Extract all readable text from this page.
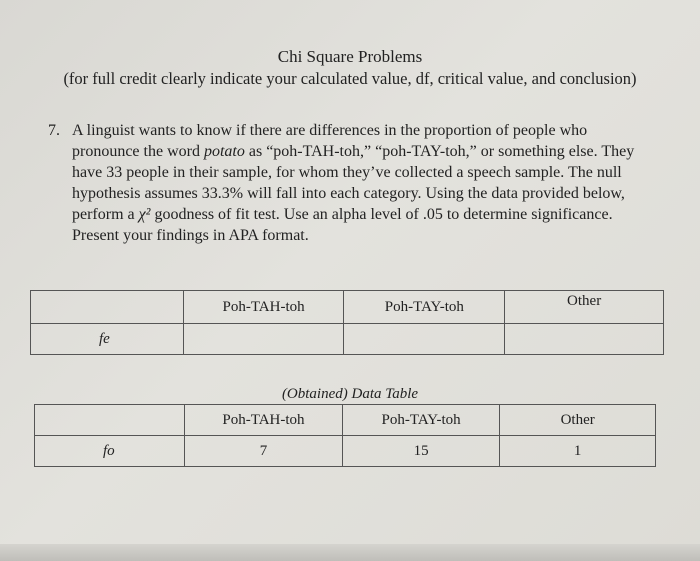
Chi Square Problems
(for full credit clearly indicate your calculated value, df, critical value, and conclusion)
7. A linguist wants to know if there are differences in the proportion of people who
pronounce the word potato as “poh-TAH-toh,” “poh-TAY-toh,” or something else. They
have 33 people in their sample, for whom they’ve collected a speech sample. The null
hypothesis assumes 33.3% will fall into each category. Using the data provided below,
perform a χ² goodness of fit test. Use an alpha level of .05 to determine significance.
Present your findings in APA format.
	Poh-TAH-toh	Poh-TAY-toh	Other
fe			
(Obtained) Data Table
	Poh-TAH-toh	Poh-TAY-toh	Other
fo	7	15	1
